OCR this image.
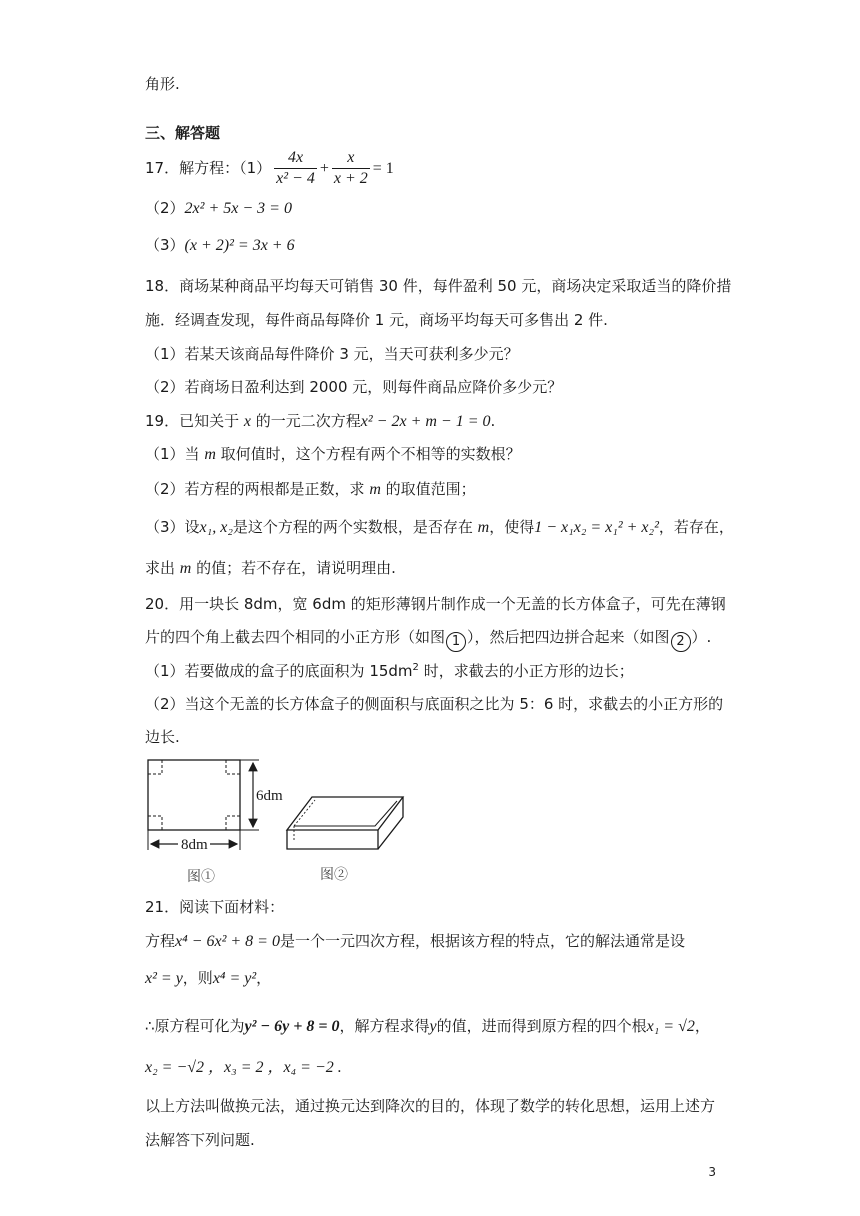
角形.
三、解答题
17．解方程：$(1) \frac{4x}{\text{x² − 4}} + \frac{x}{x + 2} = 1$
（2）2x² + 5x − 3 = 0
（3）(x + 2)² = 3x + 6
18．商场某种商品平均每天可销售 30 件，每件盈利 50 元，商场决定采取适当的降价措
施．经调查发现，每件商品每降价 1 元，商场平均每天可多售出 2 件.
（1）若某天该商品每件降价 3 元，当天可获利多少元？
（2）若商场日盈利达到 2000 元，则每件商品应降价多少元？
19．已知关于 x 的一元二次方程x² − 2x + m − 1 = 0.
（1）当 m 取何值时，这个方程有两个不相等的实数根？
（2）若方程的两根都是正数，求 m 的取值范围；
（3）设x₁, x₂是这个方程的两个实数根，是否存在 m，使得1 − x₁x₂ = x₁² + x₂²，若存在，
求出 m 的值；若不存在，请说明理由.
20．用一块长 8dm，宽 6dm 的矩形薄钢片制作成一个无盖的长方体盒子，可先在薄钢
片的四个角上截去四个相同的小正方形（如图 1 ），然后把四边拼合起来（如图 2 ）.
（1）若要做成的盒子的底面积为 $15dm^2$ 时，求截去的小正方形的边长；
（2）当这个无盖的长方体盒子的侧面积与底面积之比为 5：6 时，求截去的小正方形的
边长.
6dm
8dm
图①	图②
21．阅读下面材料：
方程x⁴ − 6x² + 8 = 0是一个一元四次方程，根据该方程的特点，它的解法通常是设
x² = y，则x⁴ = y²，
∴原方程可化为y² − 6y + 8 = 0，解方程求得y的值，进而得到原方程的四个根x₁ = √2，
x₂ = −√2 ，x₃ = 2 ，x₄ = −2 .
以上方法叫做换元法，通过换元达到降次的目的，体现了数学的转化思想，运用上述方
法解答下列问题.
3
